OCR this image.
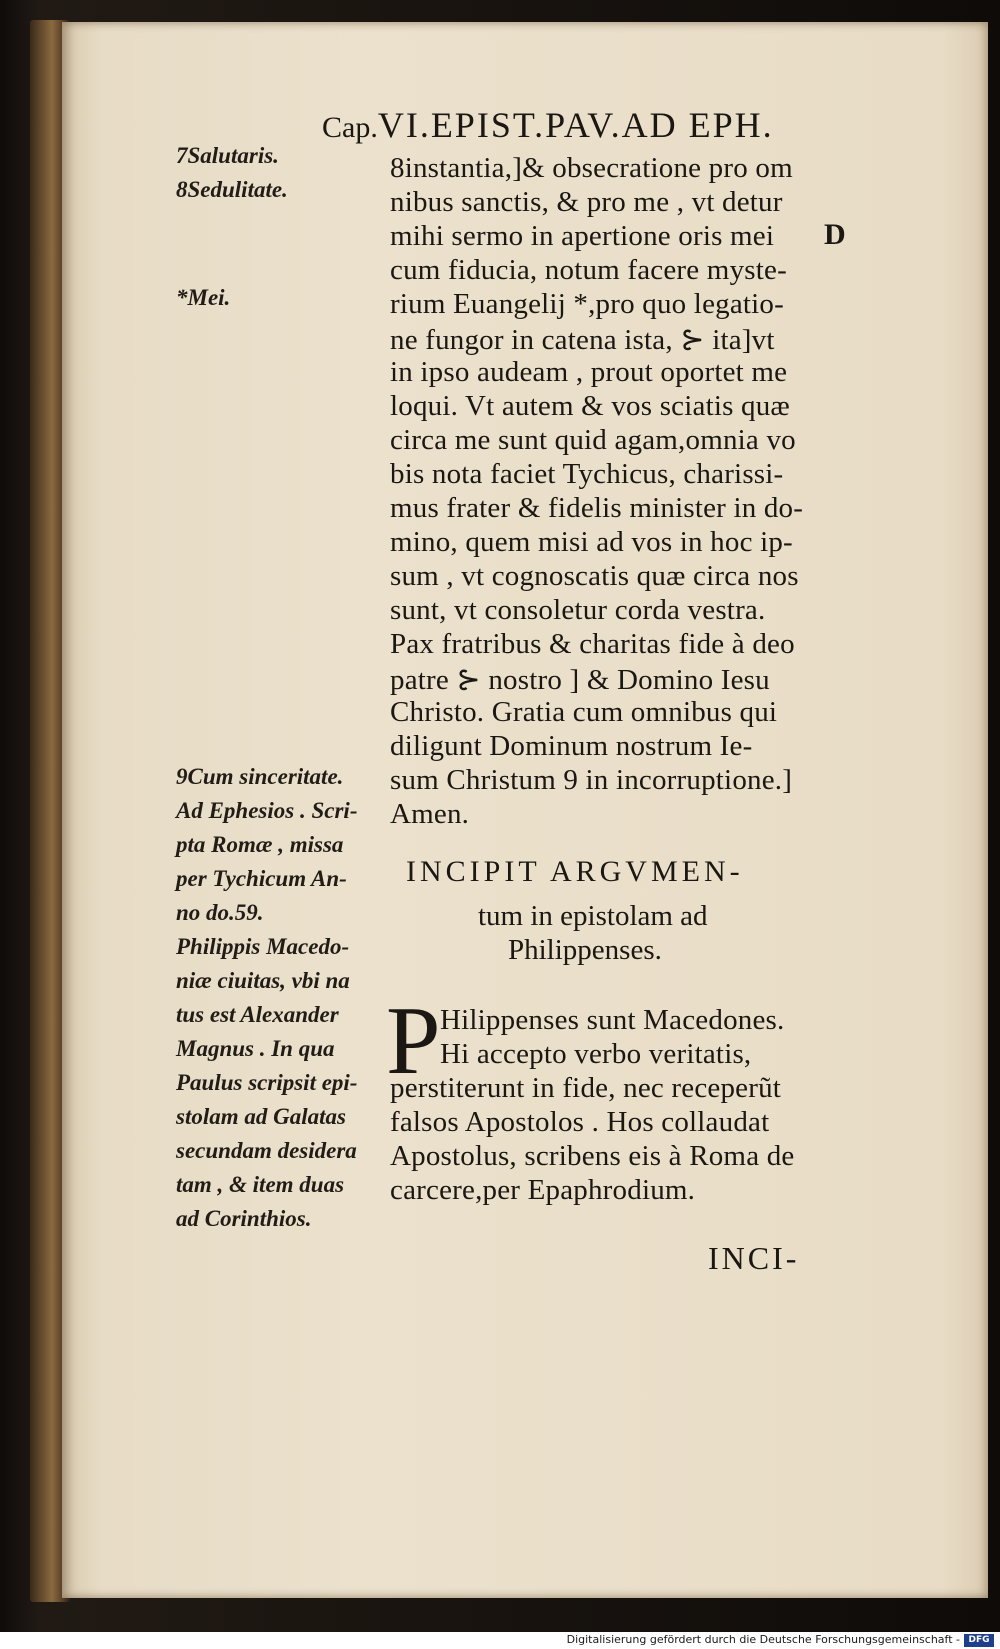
Cap.VI.EPIST.PAV.AD EPH.
8instantia,]& obsecratione pro om
nibus sanctis, & pro me , vt detur
mihi sermo in apertione oris mei
cum fiducia, notum facere myste-
rium Euangelij *,pro quo legatio-
ne fungor in catena ista, ⊱ ita]vt
in ipso audeam , prout oportet me
loqui. Vt autem & vos sciatis quæ
circa me sunt quid agam,omnia vo
bis nota faciet Tychicus, charissi-
mus frater & fidelis minister in do-
mino, quem misi ad vos in hoc ip-
sum , vt cognoscatis quæ circa nos
sunt, vt consoletur corda vestra.
Pax fratribus & charitas fide à deo
patre ⊱ nostro ] & Domino Iesu
Christo. Gratia cum omnibus qui
diligunt Dominum nostrum Ie-
sum Christum 9 in incorruptione.]
Amen.
D
7Salutaris.
8Sedulitate.
*Mei.
9Cum sinceritate.
Ad Ephesios . Scri-
pta Romæ , missa
per Tychicum An-
no do.59.
Philippis Macedo-
niæ ciuitas, vbi na
tus est Alexander
Magnus . In qua
Paulus scripsit epi-
stolam ad Galatas
secundam desidera
tam , & item duas
ad Corinthios.
INCIPIT ARGVMEN-
tum in epistolam ad
Philippenses.
P Hilippenses sunt Macedones.
Hi accepto verbo veritatis,
perstiterunt in fide, nec receperũt
falsos Apostolos . Hos collaudat
Apostolus, scribens eis à Roma de
carcere,per Epaphrodium.
INCI-
Digitalisierung gefördert durch die Deutsche Forschungsgemeinschaft - DFG
